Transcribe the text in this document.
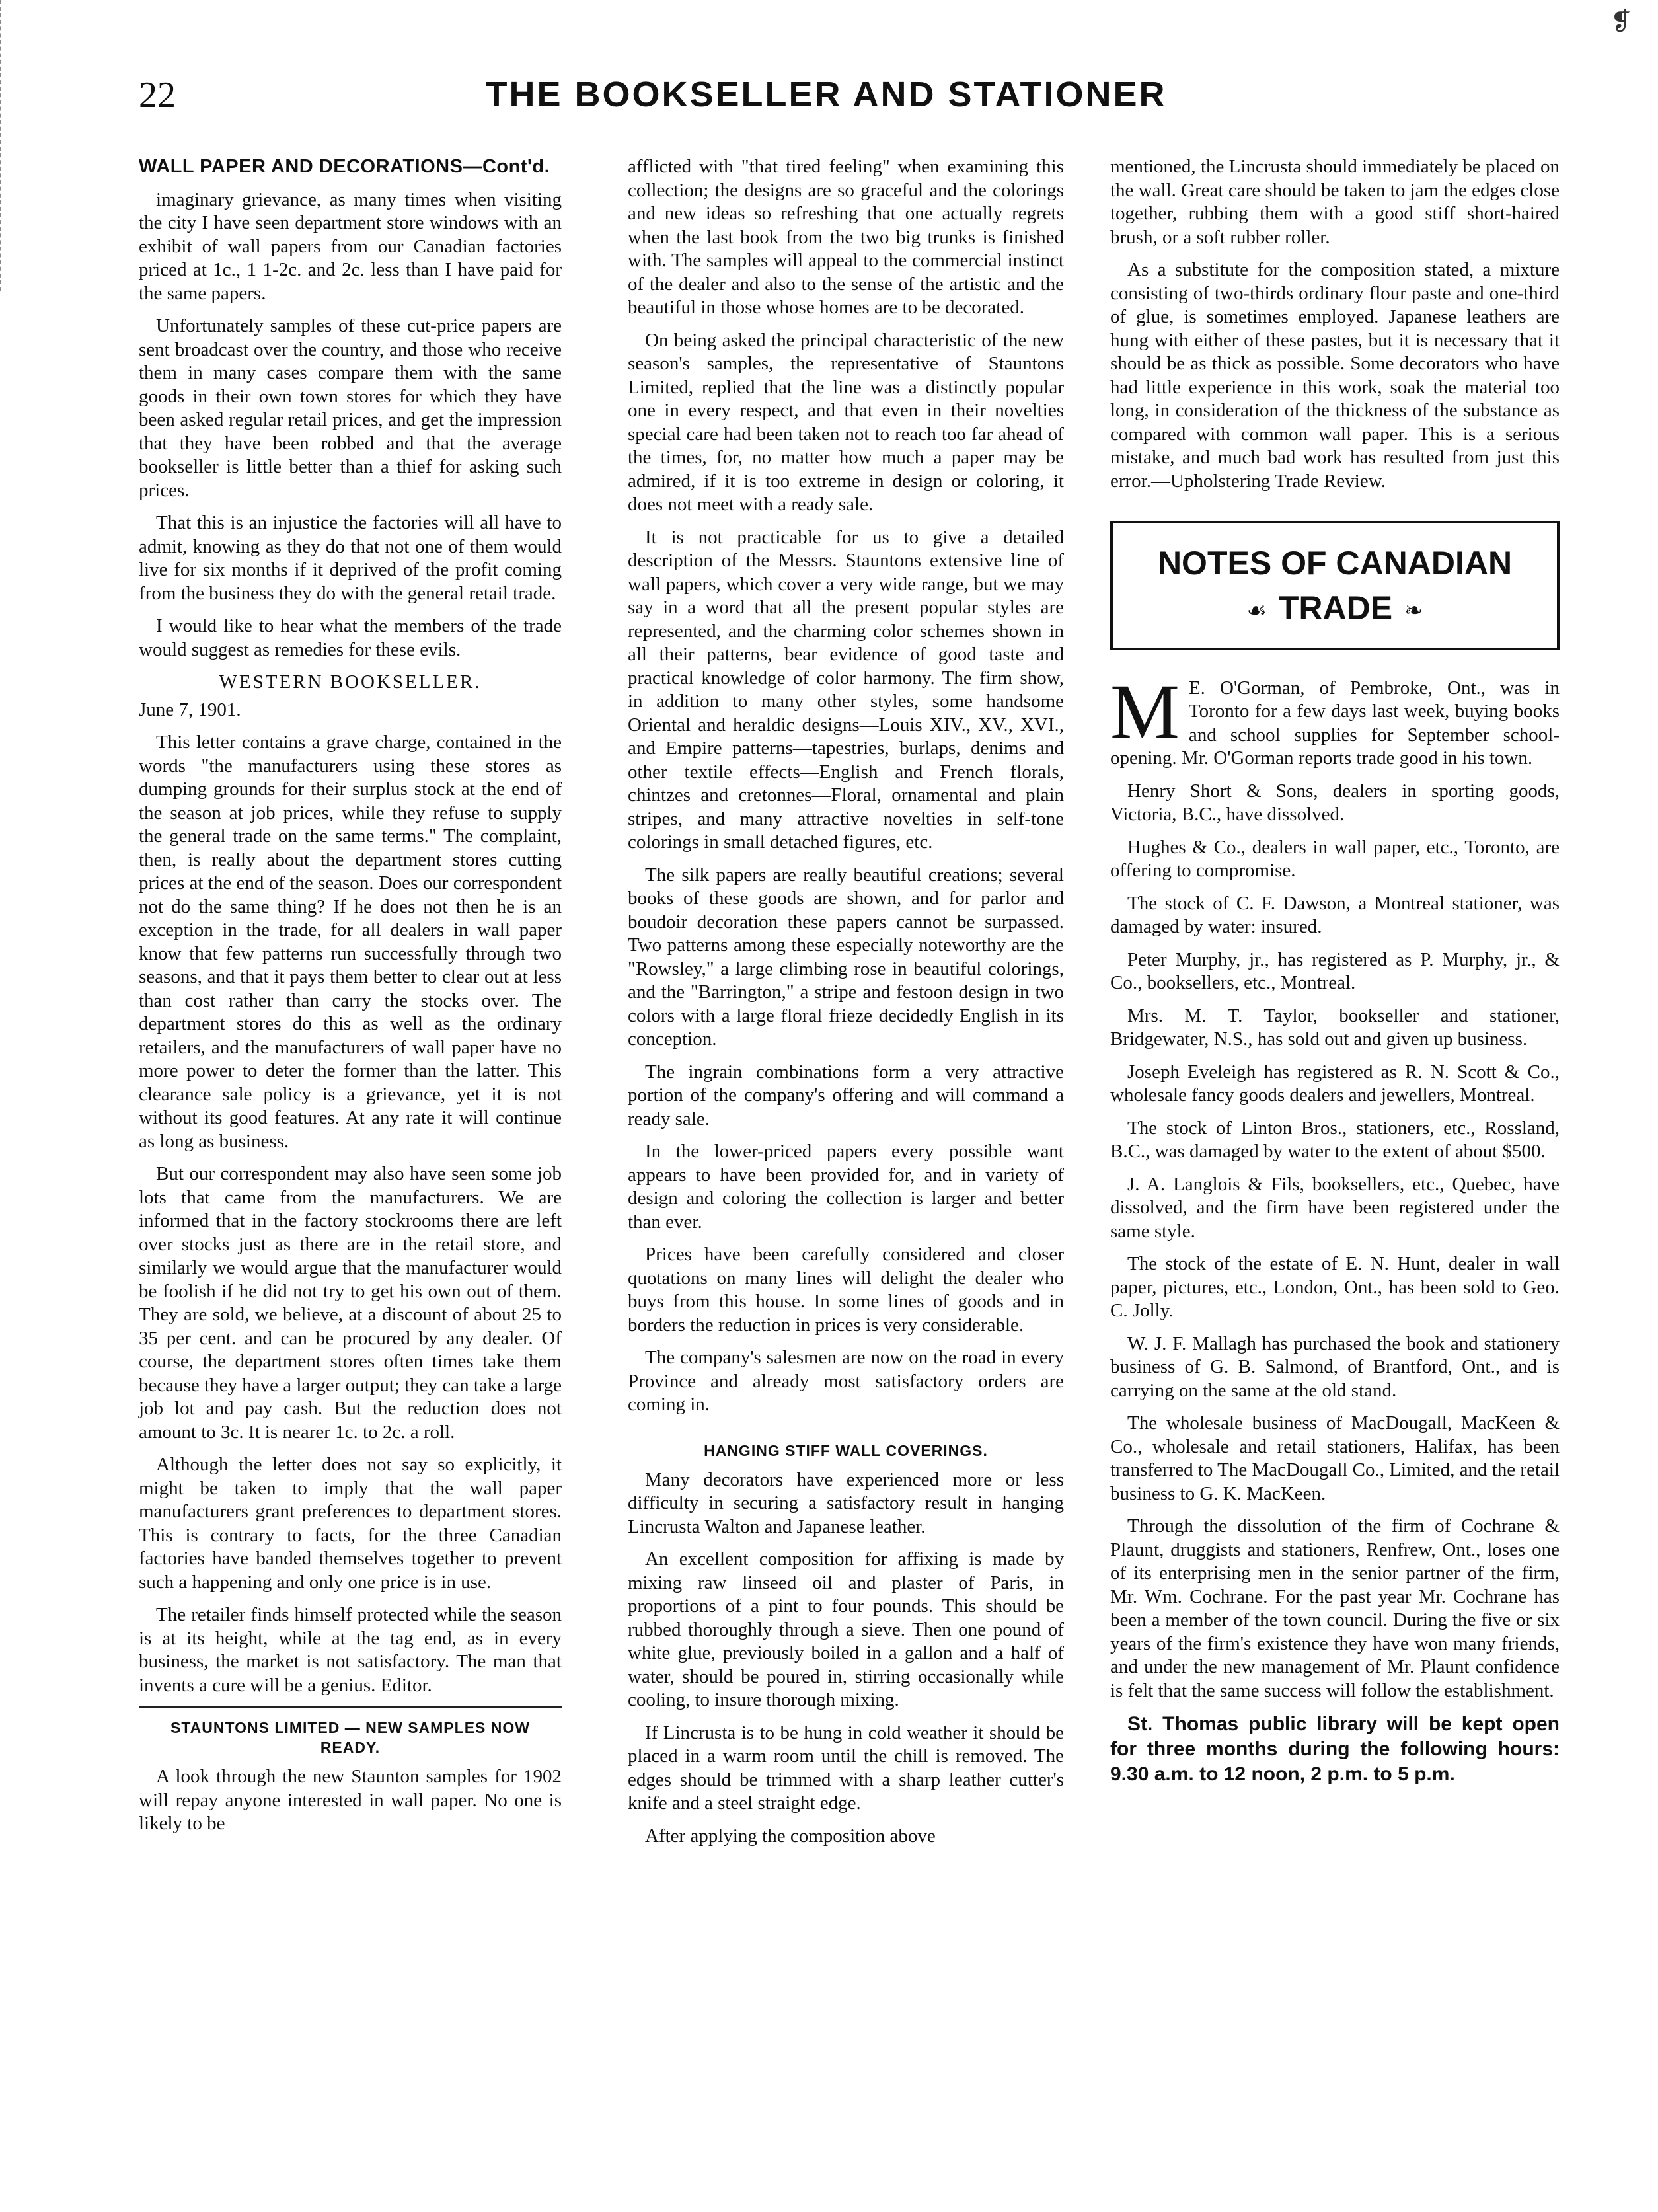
❡
22	THE BOOKSELLER AND STATIONER

WALL PAPER AND DECORATIONS—Cont'd.

imaginary grievance, as many times when visiting the city I have seen department store windows with an exhibit of wall papers from our Canadian factories priced at 1c., 1 1-2c. and 2c. less than I have paid for the same papers.

Unfortunately samples of these cut-price papers are sent broadcast over the country, and those who receive them in many cases compare them with the same goods in their own town stores for which they have been asked regular retail prices, and get the impression that they have been robbed and that the average bookseller is little better than a thief for asking such prices.

That this is an injustice the factories will all have to admit, knowing as they do that not one of them would live for six months if it deprived of the profit coming from the business they do with the general retail trade.

I would like to hear what the members of the trade would suggest as remedies for these evils.

WESTERN BOOKSELLER.
June 7, 1901.

This letter contains a grave charge, contained in the words "the manufacturers using these stores as dumping grounds for their surplus stock at the end of the season at job prices, while they refuse to supply the general trade on the same terms." The complaint, then, is really about the department stores cutting prices at the end of the season. Does our correspondent not do the same thing? If he does not then he is an exception in the trade, for all dealers in wall paper know that few patterns run successfully through two seasons, and that it pays them better to clear out at less than cost rather than carry the stocks over. The department stores do this as well as the ordinary retailers, and the manufacturers of wall paper have no more power to deter the former than the latter. This clearance sale policy is a grievance, yet it is not without its good features. At any rate it will continue as long as business.

But our correspondent may also have seen some job lots that came from the manufacturers. We are informed that in the factory stockrooms there are left over stocks just as there are in the retail store, and similarly we would argue that the manufacturer would be foolish if he did not try to get his own out of them. They are sold, we believe, at a discount of about 25 to 35 per cent. and can be procured by any dealer. Of course, the department stores often times take them because they have a larger output; they can take a large job lot and pay cash. But the reduction does not amount to 3c. It is nearer 1c. to 2c. a roll.

Although the letter does not say so explicitly, it might be taken to imply that the wall paper manufacturers grant preferences to department stores. This is contrary to facts, for the three Canadian factories have banded themselves together to prevent such a happening and only one price is in use.

The retailer finds himself protected while the season is at its height, while at the tag end, as in every business, the market is not satisfactory. The man that invents a cure will be a genius. Editor.

STAUNTONS LIMITED — NEW SAMPLES NOW READY.

A look through the new Staunton samples for 1902 will repay anyone interested in wall paper. No one is likely to be

afflicted with "that tired feeling" when examining this collection; the designs are so graceful and the colorings and new ideas so refreshing that one actually regrets when the last book from the two big trunks is finished with. The samples will appeal to the commercial instinct of the dealer and also to the sense of the artistic and the beautiful in those whose homes are to be decorated.

On being asked the principal characteristic of the new season's samples, the representative of Stauntons Limited, replied that the line was a distinctly popular one in every respect, and that even in their novelties special care had been taken not to reach too far ahead of the times, for, no matter how much a paper may be admired, if it is too extreme in design or coloring, it does not meet with a ready sale.

It is not practicable for us to give a detailed description of the Messrs. Stauntons extensive line of wall papers, which cover a very wide range, but we may say in a word that all the present popular styles are represented, and the charming color schemes shown in all their patterns, bear evidence of good taste and practical knowledge of color harmony. The firm show, in addition to many other styles, some handsome Oriental and heraldic designs—Louis XIV., XV., XVI., and Empire patterns—tapestries, burlaps, denims and other textile effects—English and French florals, chintzes and cretonnes—Floral, ornamental and plain stripes, and many attractive novelties in self-tone colorings in small detached figures, etc.

The silk papers are really beautiful creations; several books of these goods are shown, and for parlor and boudoir decoration these papers cannot be surpassed. Two patterns among these especially noteworthy are the "Rowsley," a large climbing rose in beautiful colorings, and the "Barrington," a stripe and festoon design in two colors with a large floral frieze decidedly English in its conception.

The ingrain combinations form a very attractive portion of the company's offering and will command a ready sale.

In the lower-priced papers every possible want appears to have been provided for, and in variety of design and coloring the collection is larger and better than ever.

Prices have been carefully considered and closer quotations on many lines will delight the dealer who buys from this house. In some lines of goods and in borders the reduction in prices is very considerable.

The company's salesmen are now on the road in every Province and already most satisfactory orders are coming in.

HANGING STIFF WALL COVERINGS.

Many decorators have experienced more or less difficulty in securing a satisfactory result in hanging Lincrusta Walton and Japanese leather.

An excellent composition for affixing is made by mixing raw linseed oil and plaster of Paris, in proportions of a pint to four pounds. This should be rubbed thoroughly through a sieve. Then one pound of white glue, previously boiled in a gallon and a half of water, should be poured in, stirring occasionally while cooling, to insure thorough mixing.

If Lincrusta is to be hung in cold weather it should be placed in a warm room until the chill is removed. The edges should be trimmed with a sharp leather cutter's knife and a steel straight edge.

After applying the composition above

mentioned, the Lincrusta should immediately be placed on the wall. Great care should be taken to jam the edges close together, rubbing them with a good stiff short-haired brush, or a soft rubber roller.

As a substitute for the composition stated, a mixture consisting of two-thirds ordinary flour paste and one-third of glue, is sometimes employed. Japanese leathers are hung with either of these pastes, but it is necessary that it should be as thick as possible. Some decorators who have had little experience in this work, soak the material too long, in consideration of the thickness of the substance as compared with common wall paper. This is a serious mistake, and much bad work has resulted from just this error.—Upholstering Trade Review.

NOTES OF CANADIAN
☙ TRADE ❧

M E. O'Gorman, of Pembroke, Ont., was in Toronto for a few days last week, buying books and school supplies for September school-opening. Mr. O'Gorman reports trade good in his town.

Henry Short & Sons, dealers in sporting goods, Victoria, B.C., have dissolved.

Hughes & Co., dealers in wall paper, etc., Toronto, are offering to compromise.

The stock of C. F. Dawson, a Montreal stationer, was damaged by water: insured.

Peter Murphy, jr., has registered as P. Murphy, jr., & Co., booksellers, etc., Montreal.

Mrs. M. T. Taylor, bookseller and stationer, Bridgewater, N.S., has sold out and given up business.

Joseph Eveleigh has registered as R. N. Scott & Co., wholesale fancy goods dealers and jewellers, Montreal.

The stock of Linton Bros., stationers, etc., Rossland, B.C., was damaged by water to the extent of about $500.

J. A. Langlois & Fils, booksellers, etc., Quebec, have dissolved, and the firm have been registered under the same style.

The stock of the estate of E. N. Hunt, dealer in wall paper, pictures, etc., London, Ont., has been sold to Geo. C. Jolly.

W. J. F. Mallagh has purchased the book and stationery business of G. B. Salmond, of Brantford, Ont., and is carrying on the same at the old stand.

The wholesale business of MacDougall, MacKeen & Co., wholesale and retail stationers, Halifax, has been transferred to The MacDougall Co., Limited, and the retail business to G. K. MacKeen.

Through the dissolution of the firm of Cochrane & Plaunt, druggists and stationers, Renfrew, Ont., loses one of its enterprising men in the senior partner of the firm, Mr. Wm. Cochrane. For the past year Mr. Cochrane has been a member of the town council. During the five or six years of the firm's existence they have won many friends, and under the new management of Mr. Plaunt confidence is felt that the same success will follow the establishment.

St. Thomas public library will be kept open for three months during the following hours: 9.30 a.m. to 12 noon, 2 p.m. to 5 p.m.
